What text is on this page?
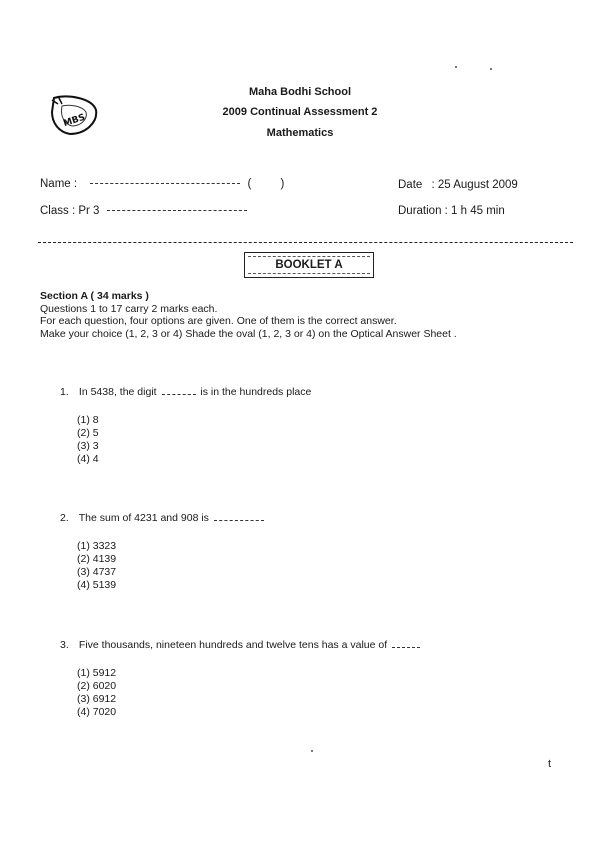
Maha Bodhi School
2009 Continual Assessment 2
Mathematics
MBS
Name :	(	)
Class : Pr 3
Date : 25 August 2009
Duration : 1 h 45 min
BOOKLET A
Section A ( 34 marks )
Questions 1 to 17 carry 2 marks each.
For each question, four options are given. One of them is the correct answer.
Make your choice (1, 2, 3 or 4) Shade the oval (1, 2, 3 or 4) on the Optical Answer Sheet .
1. In 5438, the digit	is in the hundreds place
(1) 8
(2) 5
(3) 3
(4) 4
2. The sum of 4231 and 908 is
(1) 3323
(2) 4139
(3) 4737
(4) 5139
3. Five thousands, nineteen hundreds and twelve tens has a value of
(1) 5912
(2) 6020
(3) 6912
(4) 7020
t
